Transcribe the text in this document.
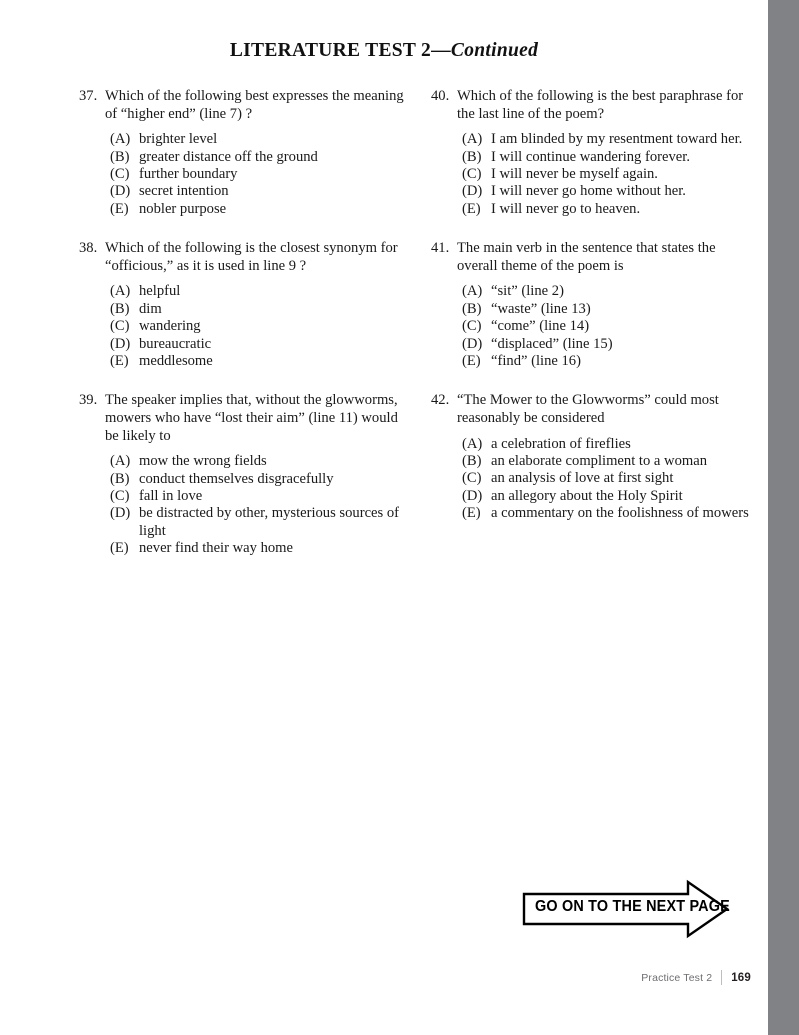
LITERATURE TEST 2—Continued
37. Which of the following best expresses the meaning of “higher end” (line 7) ?
(A) brighter level
(B) greater distance off the ground
(C) further boundary
(D) secret intention
(E) nobler purpose
38. Which of the following is the closest synonym for “officious,” as it is used in line 9 ?
(A) helpful
(B) dim
(C) wandering
(D) bureaucratic
(E) meddlesome
39. The speaker implies that, without the glowworms, mowers who have “lost their aim” (line 11) would be likely to
(A) mow the wrong fields
(B) conduct themselves disgracefully
(C) fall in love
(D) be distracted by other, mysterious sources of
light
(E) never find their way home
40. Which of the following is the best paraphrase for the last line of the poem?
(A) I am blinded by my resentment toward her.
(B) I will continue wandering forever.
(C) I will never be myself again.
(D) I will never go home without her.
(E) I will never go to heaven.
41. The main verb in the sentence that states the overall theme of the poem is
(A) “sit” (line 2)
(B) “waste” (line 13)
(C) “come” (line 14)
(D) “displaced” (line 15)
(E) “find” (line 16)
42. “The Mower to the Glowworms” could most reasonably be considered
(A) a celebration of fireflies
(B) an elaborate compliment to a woman
(C) an analysis of love at first sight
(D) an allegory about the Holy Spirit
(E) a commentary on the foolishness of mowers
GO ON TO THE NEXT PAGE
Practice Test 2 169
